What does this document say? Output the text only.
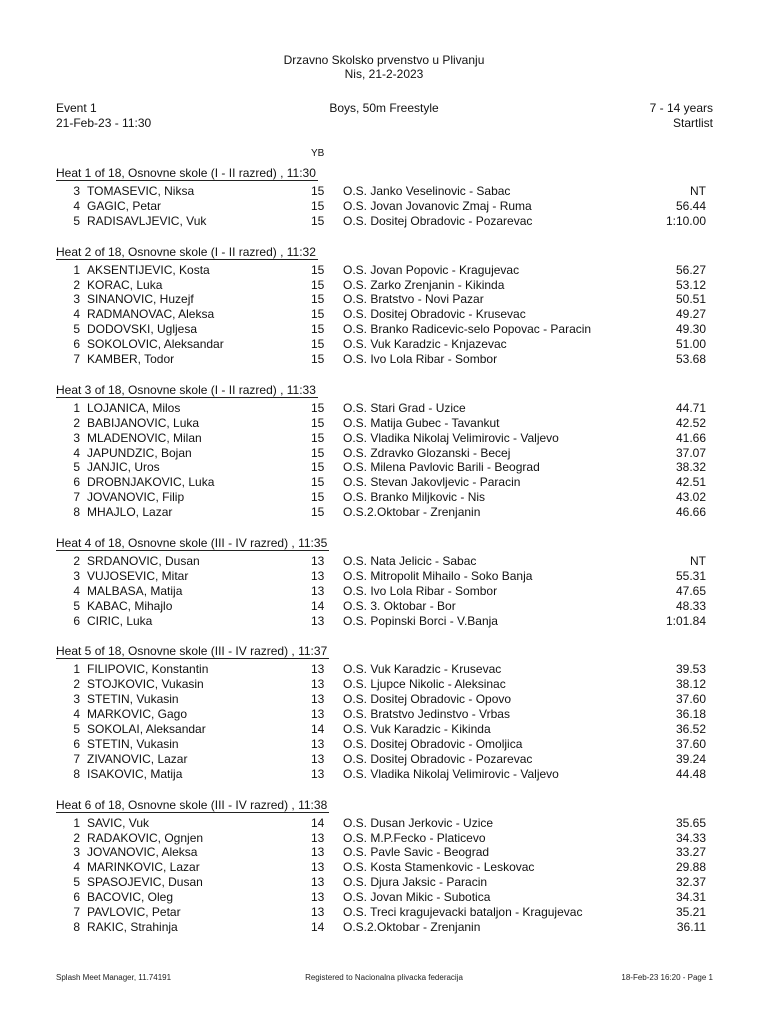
Drzavno Skolsko prvenstvo u Plivanju
Nis, 21-2-2023
Event 1
21-Feb-23 - 11:30
Boys, 50m Freestyle	7 - 14 years
Startlist
YB
Heat 1 of 18, Osnovne skole (I - II razred) , 11:30
3 TOMASEVIC, Niksa	15 O.S. Janko Veselinovic - Sabac	NT
4 GAGIC, Petar	15 O.S. Jovan Jovanovic Zmaj - Ruma	56.44
5 RADISAVLJEVIC, Vuk	15 O.S. Dositej Obradovic - Pozarevac	1:10.00
Heat 2 of 18, Osnovne skole (I - II razred) , 11:32
1 AKSENTIJEVIC, Kosta	15 O.S. Jovan Popovic - Kragujevac	56.27
2 KORAC, Luka	15 O.S. Zarko Zrenjanin - Kikinda	53.12
3 SINANOVIC, Huzejf	15 O.S. Bratstvo - Novi Pazar	50.51
4 RADMANOVAC, Aleksa	15 O.S. Dositej Obradovic - Krusevac	49.27
5 DODOVSKI, Ugljesa	15 O.S. Branko Radicevic-selo Popovac - Paracin	49.30
6 SOKOLOVIC, Aleksandar	15 O.S. Vuk Karadzic - Knjazevac	51.00
7 KAMBER, Todor	15 O.S. Ivo Lola Ribar - Sombor	53.68
Heat 3 of 18, Osnovne skole (I - II razred) , 11:33
1 LOJANICA, Milos	15 O.S. Stari Grad - Uzice	44.71
2 BABIJANOVIC, Luka	15 O.S. Matija Gubec - Tavankut	42.52
3 MLADENOVIC, Milan	15 O.S. Vladika Nikolaj Velimirovic - Valjevo	41.66
4 JAPUNDZIC, Bojan	15 O.S. Zdravko Glozanski - Becej	37.07
5 JANJIC, Uros	15 O.S. Milena Pavlovic Barili - Beograd	38.32
6 DROBNJAKOVIC, Luka	15 O.S. Stevan Jakovljevic - Paracin	42.51
7 JOVANOVIC, Filip	15 O.S. Branko Miljkovic - Nis	43.02
8 MHAJLO, Lazar	15 O.S.2.Oktobar - Zrenjanin	46.66
Heat 4 of 18, Osnovne skole (III - IV razred) , 11:35
2 SRDANOVIC, Dusan	13 O.S. Nata Jelicic - Sabac	NT
3 VUJOSEVIC, Mitar	13 O.S. Mitropolit Mihailo - Soko Banja	55.31
4 MALBASA, Matija	13 O.S. Ivo Lola Ribar - Sombor	47.65
5 KABAC, Mihajlo	14 O.S. 3. Oktobar - Bor	48.33
6 CIRIC, Luka	13 O.S. Popinski Borci - V.Banja	1:01.84
Heat 5 of 18, Osnovne skole (III - IV razred) , 11:37
1 FILIPOVIC, Konstantin	13 O.S. Vuk Karadzic - Krusevac	39.53
2 STOJKOVIC, Vukasin	13 O.S. Ljupce Nikolic - Aleksinac	38.12
3 STETIN, Vukasin	13 O.S. Dositej Obradovic - Opovo	37.60
4 MARKOVIC, Gago	13 O.S. Bratstvo Jedinstvo - Vrbas	36.18
5 SOKOLAI, Aleksandar	14 O.S. Vuk Karadzic - Kikinda	36.52
6 STETIN, Vukasin	13 O.S. Dositej Obradovic - Omoljica	37.60
7 ZIVANOVIC, Lazar	13 O.S. Dositej Obradovic - Pozarevac	39.24
8 ISAKOVIC, Matija	13 O.S. Vladika Nikolaj Velimirovic - Valjevo	44.48
Heat 6 of 18, Osnovne skole (III - IV razred) , 11:38
1 SAVIC, Vuk	14 O.S. Dusan Jerkovic - Uzice	35.65
2 RADAKOVIC, Ognjen	13 O.S. M.P.Fecko - Platicevo	34.33
3 JOVANOVIC, Aleksa	13 O.S. Pavle Savic - Beograd	33.27
4 MARINKOVIC, Lazar	13 O.S. Kosta Stamenkovic - Leskovac	29.88
5 SPASOJEVIC, Dusan	13 O.S. Djura Jaksic - Paracin	32.37
6 BACOVIC, Oleg	13 O.S. Jovan Mikic - Subotica	34.31
7 PAVLOVIC, Petar	13 O.S. Treci kragujevacki bataljon - Kragujevac	35.21
8 RAKIC, Strahinja	14 O.S.2.Oktobar - Zrenjanin	36.11
Splash Meet Manager, 11.74191	Registered to Nacionalna plivacka federacija	18-Feb-23 16:20 - Page 1
